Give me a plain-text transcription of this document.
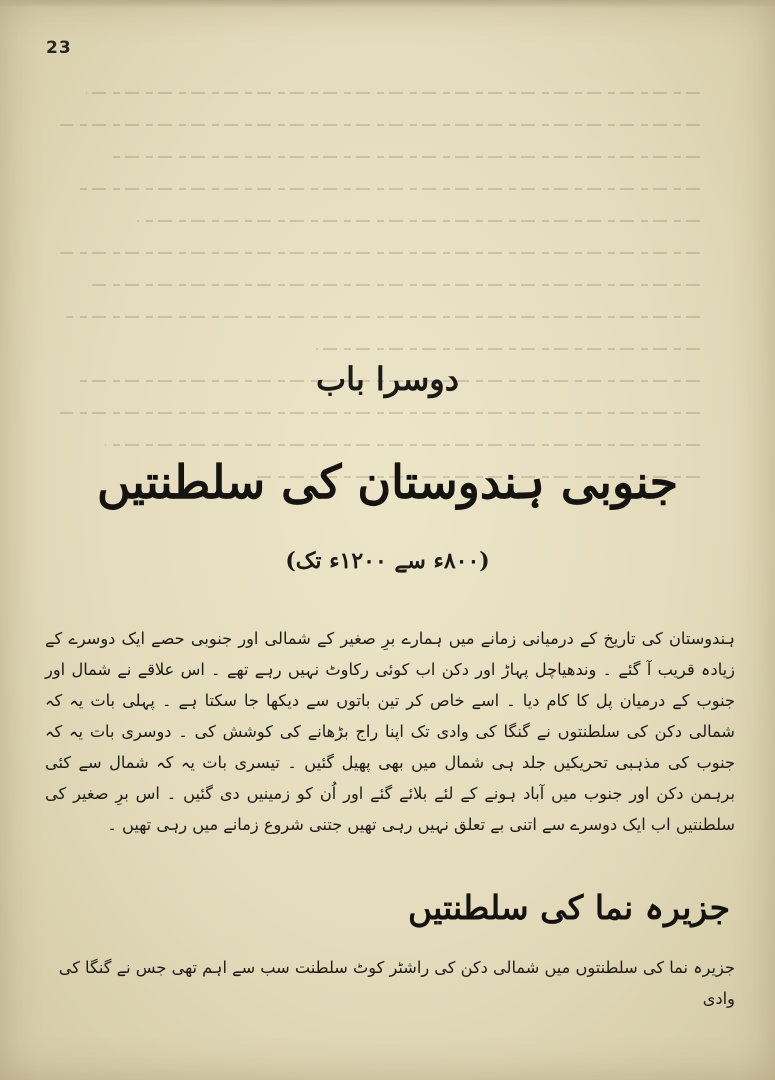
23
دوسرا باب
جنوبی ہندوستان کی سلطنتیں
(۸۰۰ء سے ۱۲۰۰ء تک)
ہندوستان کی تاریخ کے درمیانی زمانے میں ہمارے برِ صغیر کے شمالی اور جنوبی حصے ایک دوسرے کے زیادہ قریب آ گئے ۔ وندھیاچل پہاڑ اور دکن اب کوئی رکاوٹ نہیں رہے تھے ۔ اس علاقے نے شمال اور جنوب کے درمیان پل کا کام دیا ۔ اسے خاص کر تین باتوں سے دیکھا جا سکتا ہے ۔ پہلی بات یہ کہ شمالی دکن کی سلطنتوں نے گنگا کی وادی تک اپنا راج بڑھانے کی کوشش کی ۔ دوسری بات یہ کہ جنوب کی مذہبی تحریکیں جلد ہی شمال میں بھی پھیل گئیں ۔ تیسری بات یہ کہ شمال سے کئی برہمن دکن اور جنوب میں آباد ہونے کے لئے بلائے گئے اور اُن کو زمینیں دی گئیں ۔ اس برِ صغیر کی سلطنتیں اب ایک دوسرے سے اتنی بے تعلق نہیں رہی تھیں جتنی شروع زمانے میں رہی تھیں ۔
جزیرہ نما کی سلطنتیں
جزیرہ نما کی سلطنتوں میں شمالی دکن کی راشٹر کوٹ سلطنت سب سے اہم تھی جس نے گنگا کی وادی
